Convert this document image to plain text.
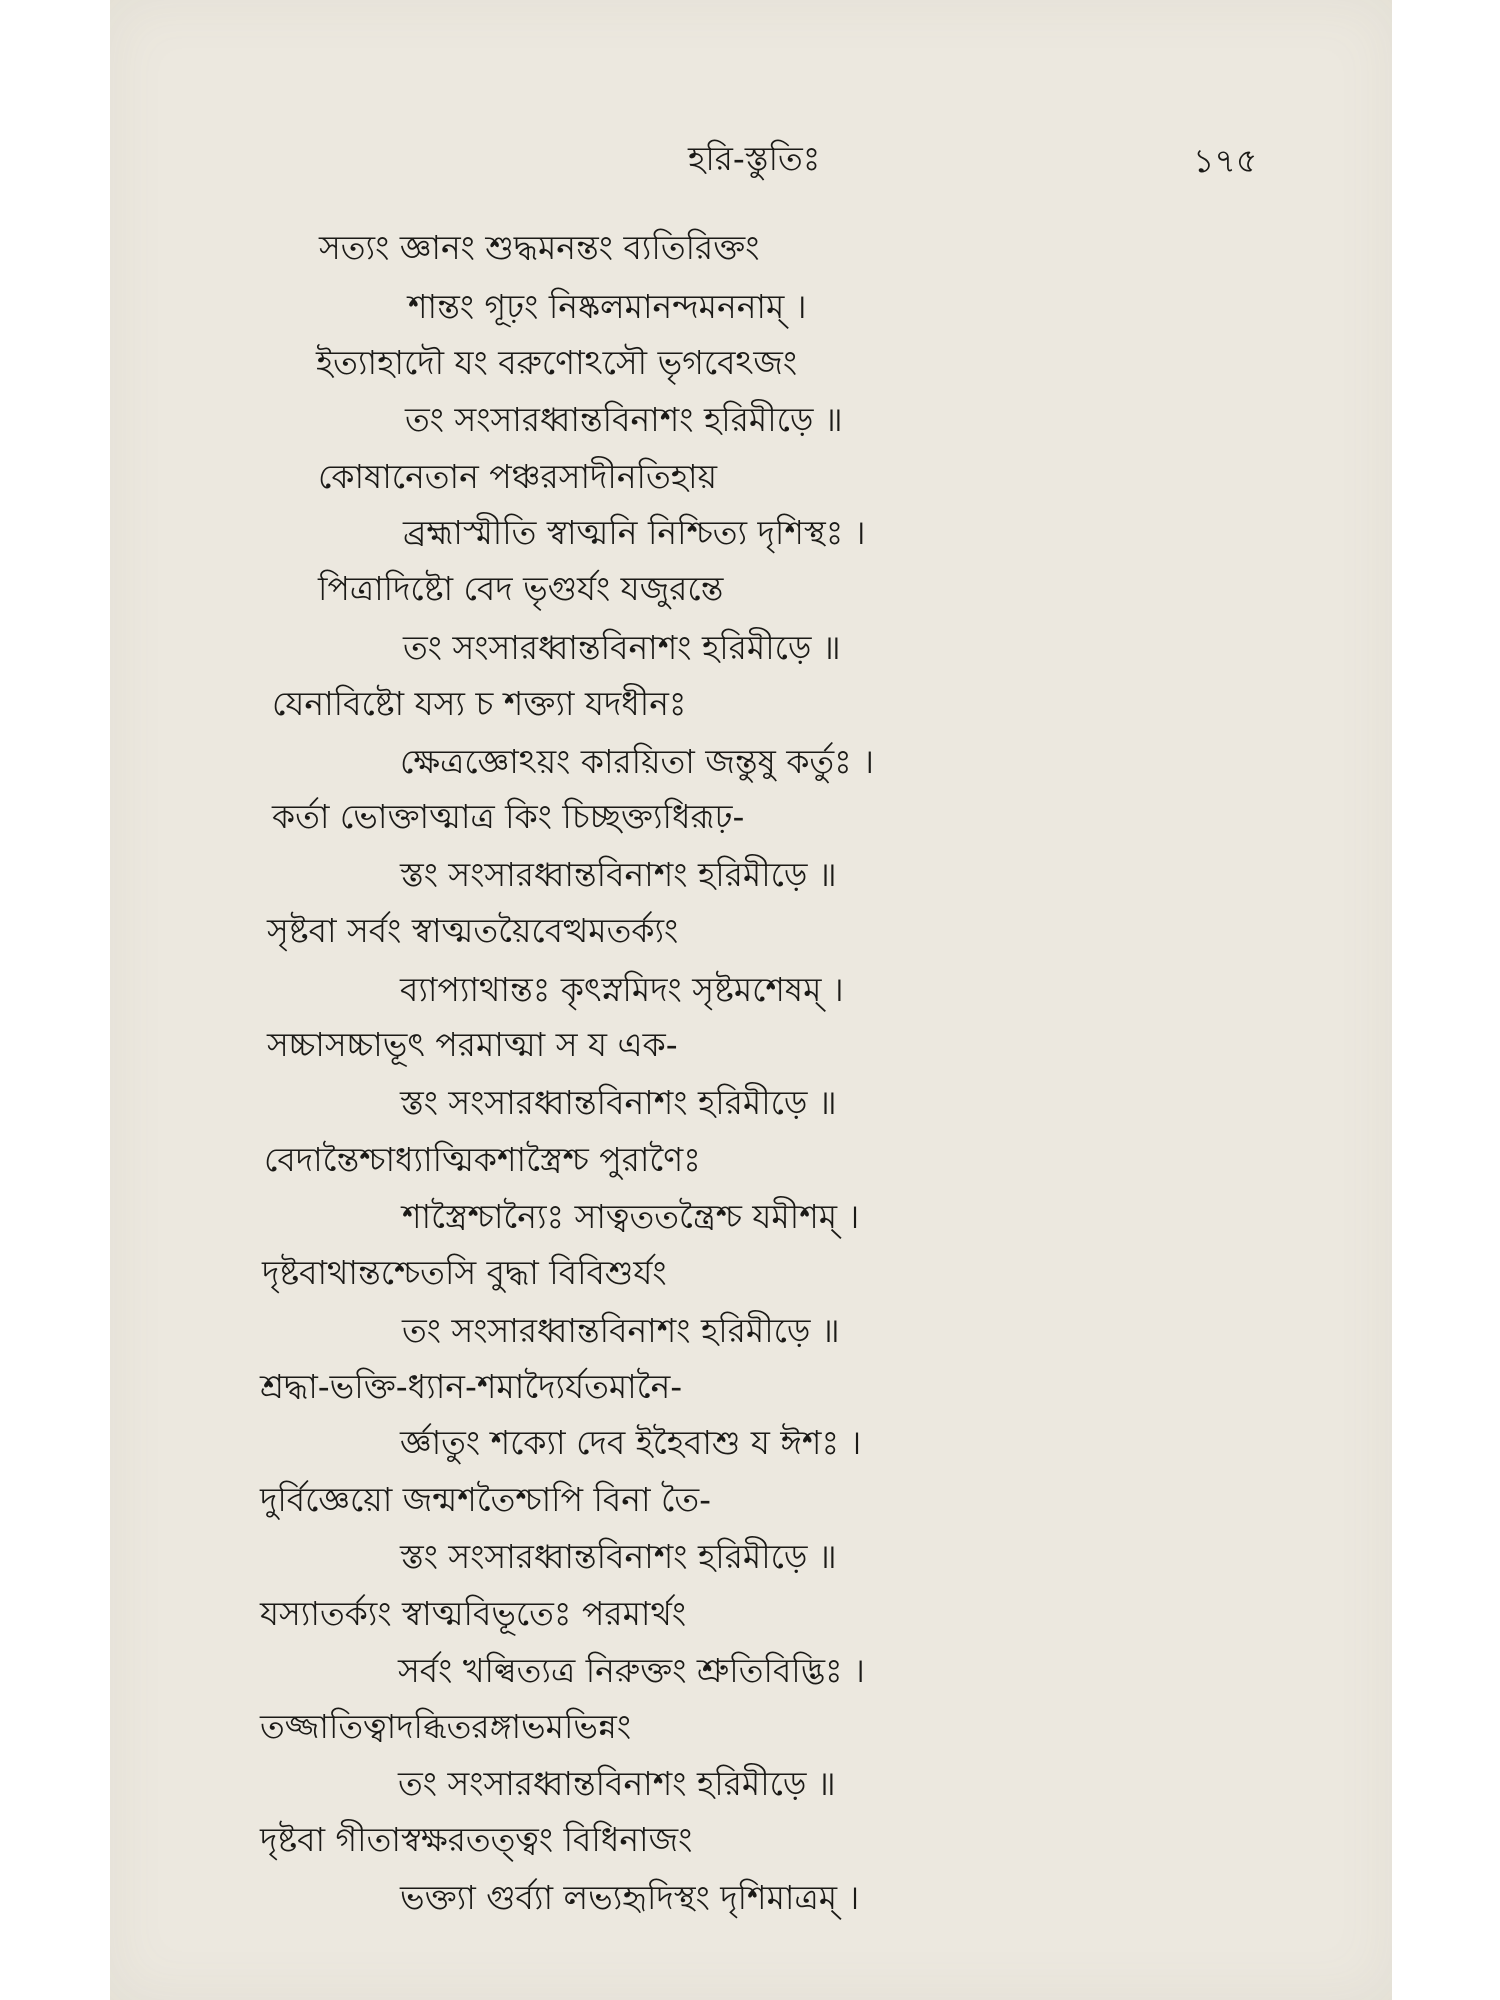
হরি-স্তুতিঃ	১৭৫
সত্যং জ্ঞানং শুদ্ধমনন্তং ব্যতিরিক্তং
শান্তং গূঢ়ং নিষ্কলমানন্দমননাম্ ।
ইত্যাহাদৌ যং বরুণোঽসৌ ভৃগবেঽজং
তং সংসারধ্বান্তবিনাশং হরিমীড়ে ॥
কোষানেতান পঞ্চরসাদীনতিহায়
ব্রহ্মাস্মীতি স্বাত্মনি নিশ্চিত্য দৃশিস্থঃ ।
পিত্রাদিষ্টো বেদ ভৃগুর্যং যজুরন্তে
তং সংসারধ্বান্তবিনাশং হরিমীড়ে ॥
যেনাবিষ্টো যস্য চ শক্ত্যা যদধীনঃ
ক্ষেত্রজ্ঞোঽয়ং কারয়িতা জন্তুষু কর্তুঃ ।
কর্তা ভোক্তাত্মাত্র কিং চিচ্ছক্ত্যধিরূঢ়-
স্তং সংসারধ্বান্তবিনাশং হরিমীড়ে ॥
সৃষ্টবা সর্বং স্বাত্মতয়ৈবেত্থমতর্ক্যং
ব্যাপ্যাথান্তঃ কৃৎস্নমিদং সৃষ্টমশেষম্ ।
সচ্চাসচ্চাভূৎ পরমাত্মা স য এক-
স্তং সংসারধ্বান্তবিনাশং হরিমীড়ে ॥
বেদান্তৈশ্চাধ্যাত্মিকশাস্ত্রৈশ্চ পুরাণৈঃ
শাস্ত্রৈশ্চান্যৈঃ সাত্বততন্ত্রৈশ্চ যমীশম্ ।
দৃষ্টবাথান্তশ্চেতসি বুদ্ধা বিবিশুর্যং
তং সংসারধ্বান্তবিনাশং হরিমীড়ে ॥
শ্রদ্ধা-ভক্তি-ধ্যান-শমাদ্যৈর্যতমানৈ-
র্জ্ঞাতুং শক্যো দেব ইহৈবাশু য ঈশঃ ।
দুর্বিজ্ঞেয়ো জন্মশতৈশ্চাপি বিনা তৈ-
স্তং সংসারধ্বান্তবিনাশং হরিমীড়ে ॥
যস্যাতর্ক্যং স্বাত্মবিভূতেঃ পরমার্থং
সর্বং খল্বিত্যত্র নিরুক্তং শ্রুতিবিদ্ভিঃ ।
তজ্জাতিত্বাদব্ধিতরঙ্গাভমভিন্নং
তং সংসারধ্বান্তবিনাশং হরিমীড়ে ॥
দৃষ্টবা গীতাস্বক্ষরতত্ত্বং বিধিনাজং
ভক্ত্যা গুর্ব্যা লভ্যহৃদিস্থং দৃশিমাত্রম্ ।
